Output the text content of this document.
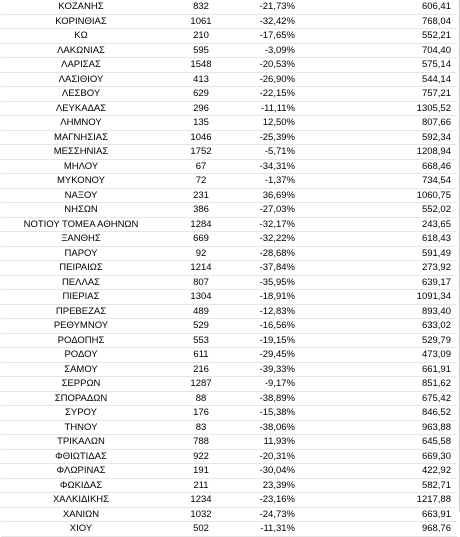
ΚΟΖΑΝΗΣ	832	-21,73%	606,41
ΚΟΡΙΝΘΙΑΣ	1061	-32,42%	768,04
ΚΩ	210	-17,65%	552,21
ΛΑΚΩΝΙΑΣ	595	-3,09%	704,40
ΛΑΡΙΣΑΣ	1548	-20,53%	575,14
ΛΑΣΙΘΙΟΥ	413	-26,90%	544,14
ΛΕΣΒΟΥ	629	-22,15%	757,21
ΛΕΥΚΑΔΑΣ	296	-11,11%	1305,52
ΛΗΜΝΟΥ	135	12,50%	807,66
ΜΑΓΝΗΣΙΑΣ	1046	-25,39%	592,34
ΜΕΣΣΗΝΙΑΣ	1752	-5,71%	1208,94
ΜΗΛΟΥ	67	-34,31%	668,46
ΜΥΚΟΝΟΥ	72	-1,37%	734,54
ΝΑΞΟΥ	231	36,69%	1060,75
ΝΗΣΩΝ	386	-27,03%	552,02
ΝΟΤΙΟΥ ΤΟΜΕΑ ΑΘΗΝΩΝ	1284	-32,17%	243,65
ΞΑΝΘΗΣ	669	-32,22%	618,43
ΠΑΡΟΥ	92	-28,68%	591,49
ΠΕΙΡΑΙΩΣ	1214	-37,84%	273,92
ΠΕΛΛΑΣ	807	-35,95%	639,17
ΠΙΕΡΙΑΣ	1304	-18,91%	1091,34
ΠΡΕΒΕΖΑΣ	489	-12,83%	893,40
ΡΕΘΥΜΝΟΥ	529	-16,56%	633,02
ΡΟΔΟΠΗΣ	553	-19,15%	529,79
ΡΟΔΟΥ	611	-29,45%	473,09
ΣΑΜΟΥ	216	-39,33%	661,91
ΣΕΡΡΩΝ	1287	-9,17%	851,62
ΣΠΟΡΑΔΩΝ	88	-38,89%	675,42
ΣΥΡΟΥ	176	-15,38%	846,52
ΤΗΝΟΥ	83	-38,06%	963,88
ΤΡΙΚΑΛΩΝ	788	11,93%	645,58
ΦΘΙΩΤΙΔΑΣ	922	-20,31%	669,30
ΦΛΩΡΙΝΑΣ	191	-30,04%	422,92
ΦΩΚΙΔΑΣ	211	23,39%	582,71
ΧΑΛΚΙΔΙΚΗΣ	1234	-23,16%	1217,88
ΧΑΝΙΩΝ	1032	-24,73%	663,91
ΧΙΟΥ	502	-11,31%	968,76
